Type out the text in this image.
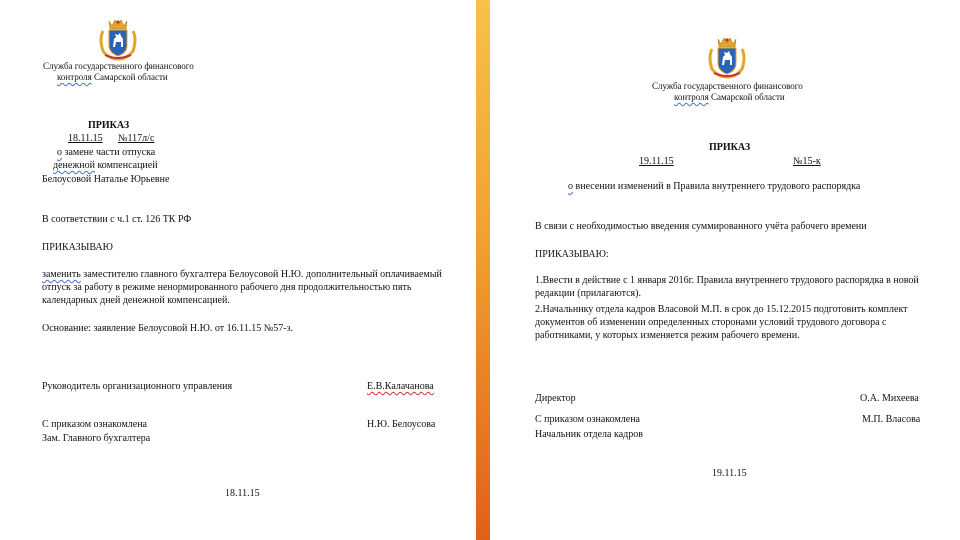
Служба государственного финансового
контроля Самарской области
ПРИКАЗ
18.11.15 №117л/с
о замене части отпуска
денежной компенсацией
Белоусовой Наталье Юрьевне
В соответствии с ч.1 ст. 126 ТК РФ
ПРИКАЗЫВАЮ
заменить заместителю главного бухгалтера Белоусовой Н.Ю. дополнительный оплачиваемый отпуск за работу в режиме ненормированного рабочего дня продолжительностью пять календарных дней денежной компенсацией.
Основание: заявление Белоусовой Н.Ю. от 16.11.15 №57-з.
Руководитель организационного управления	Е.В.Калачанова
С приказом ознакомлена	Н.Ю. Белоусова
Зам. Главного бухгалтера
18.11.15
Служба государственного финансового
контроля Самарской области
ПРИКАЗ
19.11.15	№15-к
о внесении изменений в Правила внутреннего трудового распорядка
В связи с необходимостью введения суммированного учёта рабочего времени
ПРИКАЗЫВАЮ:
1.Ввести в действие с 1 января 2016г. Правила внутреннего трудового распорядка в новой редакции (прилагаются).
2.Начальнику отдела кадров Власовой М.П. в срок до 15.12.2015 подготовить комплект документов об изменении определенных сторонами условий трудового договора с работниками, у которых изменяется режим рабочего времени.
Директор	О.А. Михеева
С приказом ознакомлена	М.П. Власова
Начальник отдела кадров
19.11.15
